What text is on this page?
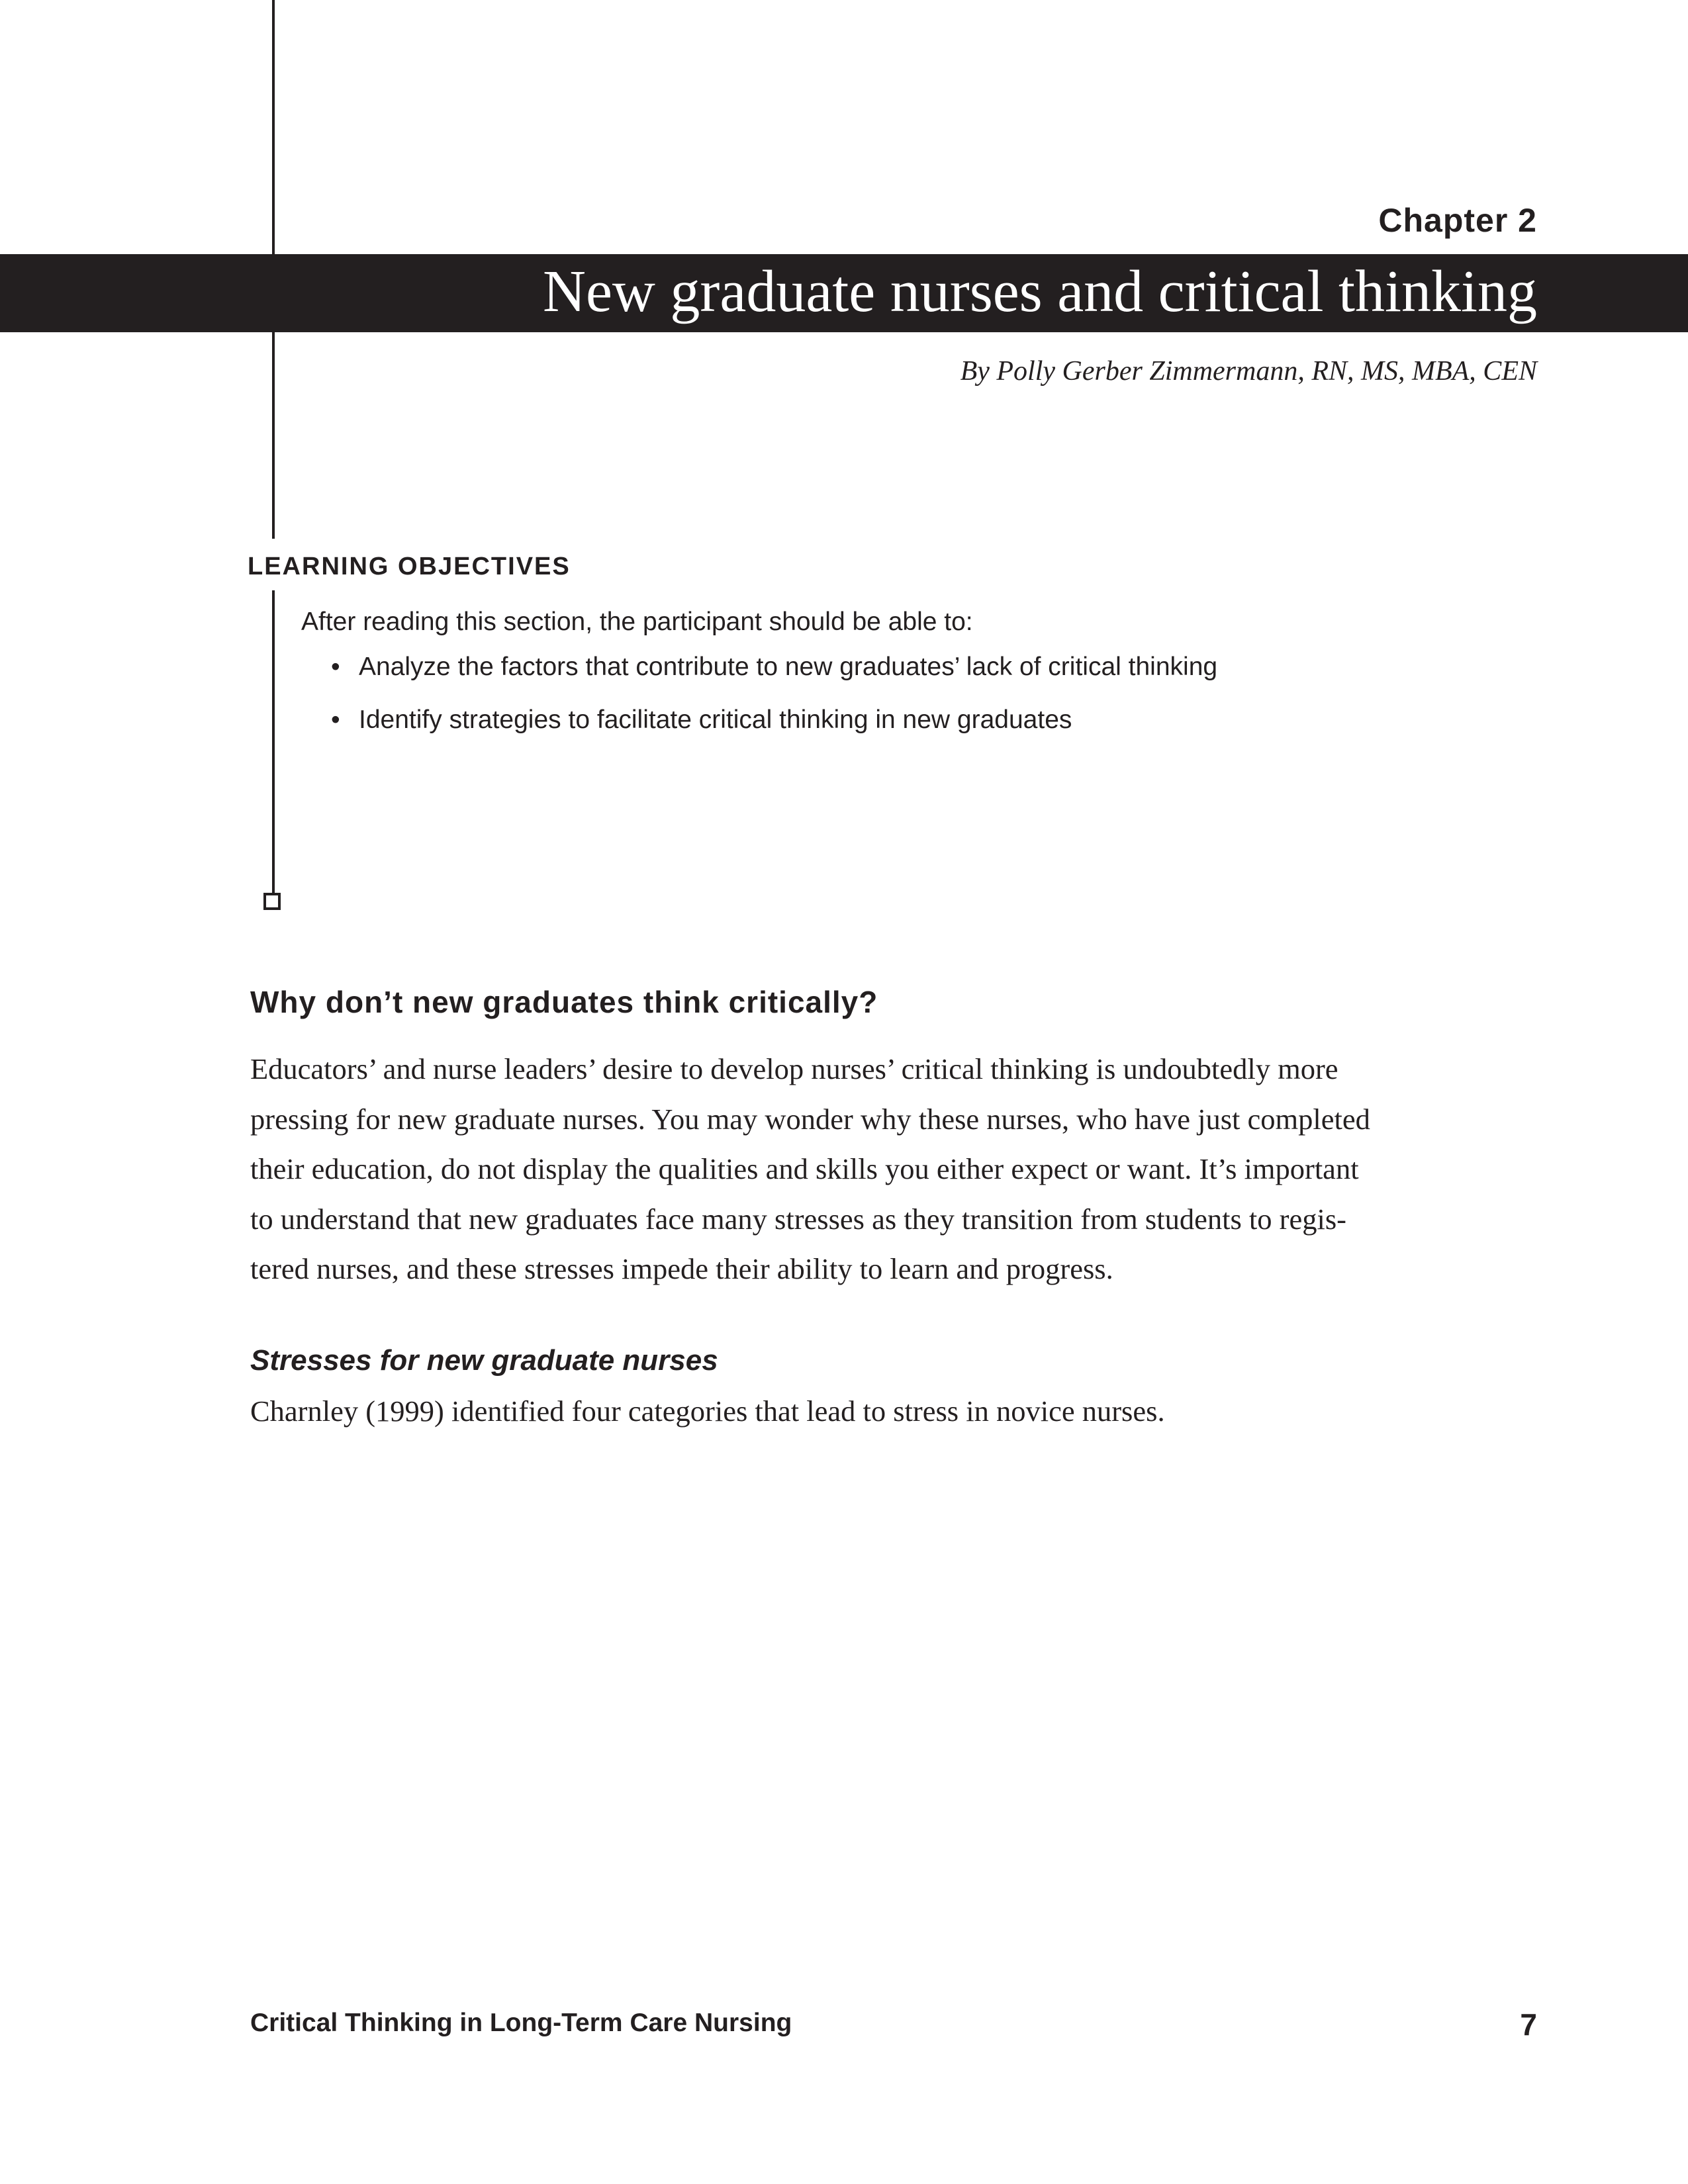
Chapter 2
New graduate nurses and critical thinking
By Polly Gerber Zimmermann, RN, MS, MBA, CEN
LEARNING OBJECTIVES
After reading this section, the participant should be able to:
• Analyze the factors that contribute to new graduates’ lack of critical thinking
• Identify strategies to facilitate critical thinking in new graduates
Why don’t new graduates think critically?

Educators’ and nurse leaders’ desire to develop nurses’ critical thinking is undoubtedly more
pressing for new graduate nurses. You may wonder why these nurses, who have just completed
their education, do not display the qualities and skills you either expect or want. It’s important
to understand that new graduates face many stresses as they transition from students to regis-
tered nurses, and these stresses impede their ability to learn and progress.

Stresses for new graduate nurses
Charnley (1999) identified four categories that lead to stress in novice nurses.
Critical Thinking in Long-Term Care Nursing	7
